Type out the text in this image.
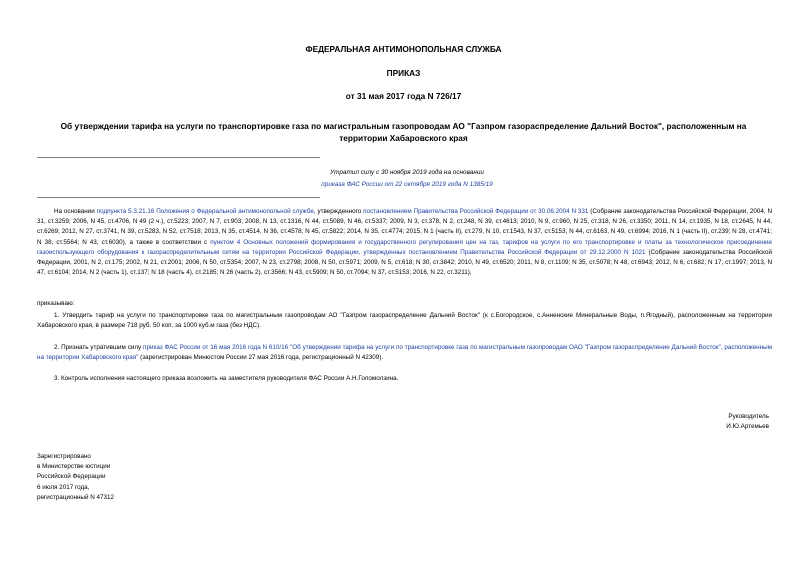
ФЕДЕРАЛЬНАЯ АНТИМОНОПОЛЬНАЯ СЛУЖБА
ПРИКАЗ
от 31 мая 2017 года N 726/17
Об утверждении тарифа на услуги по транспортировке газа по магистральным газопроводам АО "Газпром газораспределение Дальний Восток", расположенным на территории Хабаровского края
Утратил силу с 30 ноября 2019 года на основании
приказа ФАС России от 22 октября 2019 года N 1385/19
На основании подпункта 5.3.21.16 Положения о Федеральной антимонопольной службе, утвержденного постановлением Правительства Российской Федерации от 30.06.2004 N 331 (Собрание законодательства Российской Федерации, 2004, N 31, ст.3259; 2006, N 45, ст.4706, N 49 (2 ч.), ст.5223; 2007, N 7, ст.903; 2008, N 13, ст.1316, N 44, ст.5089, N 46, ст.5337; 2009, N 3, ст.378, N 2, ст.248, N 39, ст.4613; 2010, N 9, ст.960, N 25, ст.318, N 26, ст.3350; 2011, N 14, ст.1935, N 18, ст.2645, N 44, ст.6269; 2012, N 27, ст.3741, N 39, ст.5283, N 52, ст.7518; 2013, N 35, ст.4514, N 36, ст.4578, N 45, ст.5822; 2014, N 35, ст.4774; 2015, N 1 (часть II), ст.279, N 10, ст.1543, N 37, ст.5153, N 44, ст.6163, N 49, ст.6994; 2016, N 1 (часть II), ст.239; N 28, ст.4741; N 38, ст.5564; N 43, ст.6030), а также в соответствии с пунктом 4 Основных положений формирования и государственного регулирования цен на газ, тарифов на услуги по его транспортировке и платы за технологическое присоединение газоиспользующего оборудования к газораспределительным сетям на территории Российской Федерации, утвержденных постановлением Правительства Российской Федерации от 29.12.2000 N 1021 (Собрание законодательства Российской Федерации, 2001, N 2, ст.175; 2002, N 21, ст.2001; 2006, N 50, ст.5354; 2007, N 23, ст.2798; 2008, N 50, ст.5971; 2009, N 5, ст.618; N 30, ст.3842; 2010, N 49, ст.6520; 2011, N 8, ст.1109; N 35, ст.5078; N 48, ст.6943; 2012, N 6, ст.682; N 17, ст.1997; 2013, N 47, ст.6104; 2014, N 2 (часть 1), ст.137; N 18 (часть 4), ст.2185; N 26 (часть 2), ст.3566; N 43, ст.5909; N 50, ст.7094; N 37, ст.5153; 2016, N 22, ст.3211),
приказываю:
1. Утвердить тариф на услуги по транспортировке газа по магистральным газопроводам АО "Газпром газораспределение Дальний Восток" (к с.Богородское, с.Анненские Минеральные Воды, п.Ягодный), расположенным на территории Хабаровского края, в размере 718 руб. 50 коп. за 1000 куб.м газа (без НДС).
2. Признать утратившим силу приказ ФАС России от 16 мая 2016 года N 610/16 "Об утверждении тарифа на услуги по транспортировке газа по магистральным газопроводам ОАО "Газпром газораспределение Дальний Восток", расположенным на территории Хабаровского края" (зарегистрирован Минюстом России 27 мая 2016 года, регистрационный N 42309).
3. Контроль исполнения настоящего приказа возложить на заместителя руководителя ФАС России А.Н.Голомолзина.
Руководитель
И.Ю.Артемьев
Зарегистрировано
в Министерстве юстиции
Российской Федерации
6 июля 2017 года,
регистрационный N 47312
